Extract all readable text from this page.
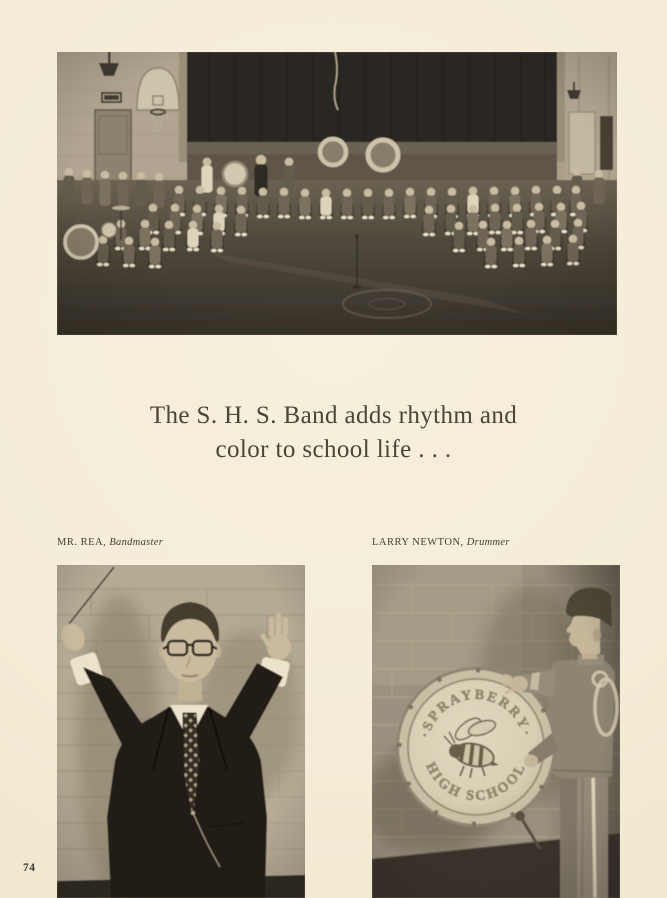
The S. H. S. Band adds rhythm and
color to school life . . .
MR. REA, Bandmaster	LARRY NEWTON, Drummer
74
